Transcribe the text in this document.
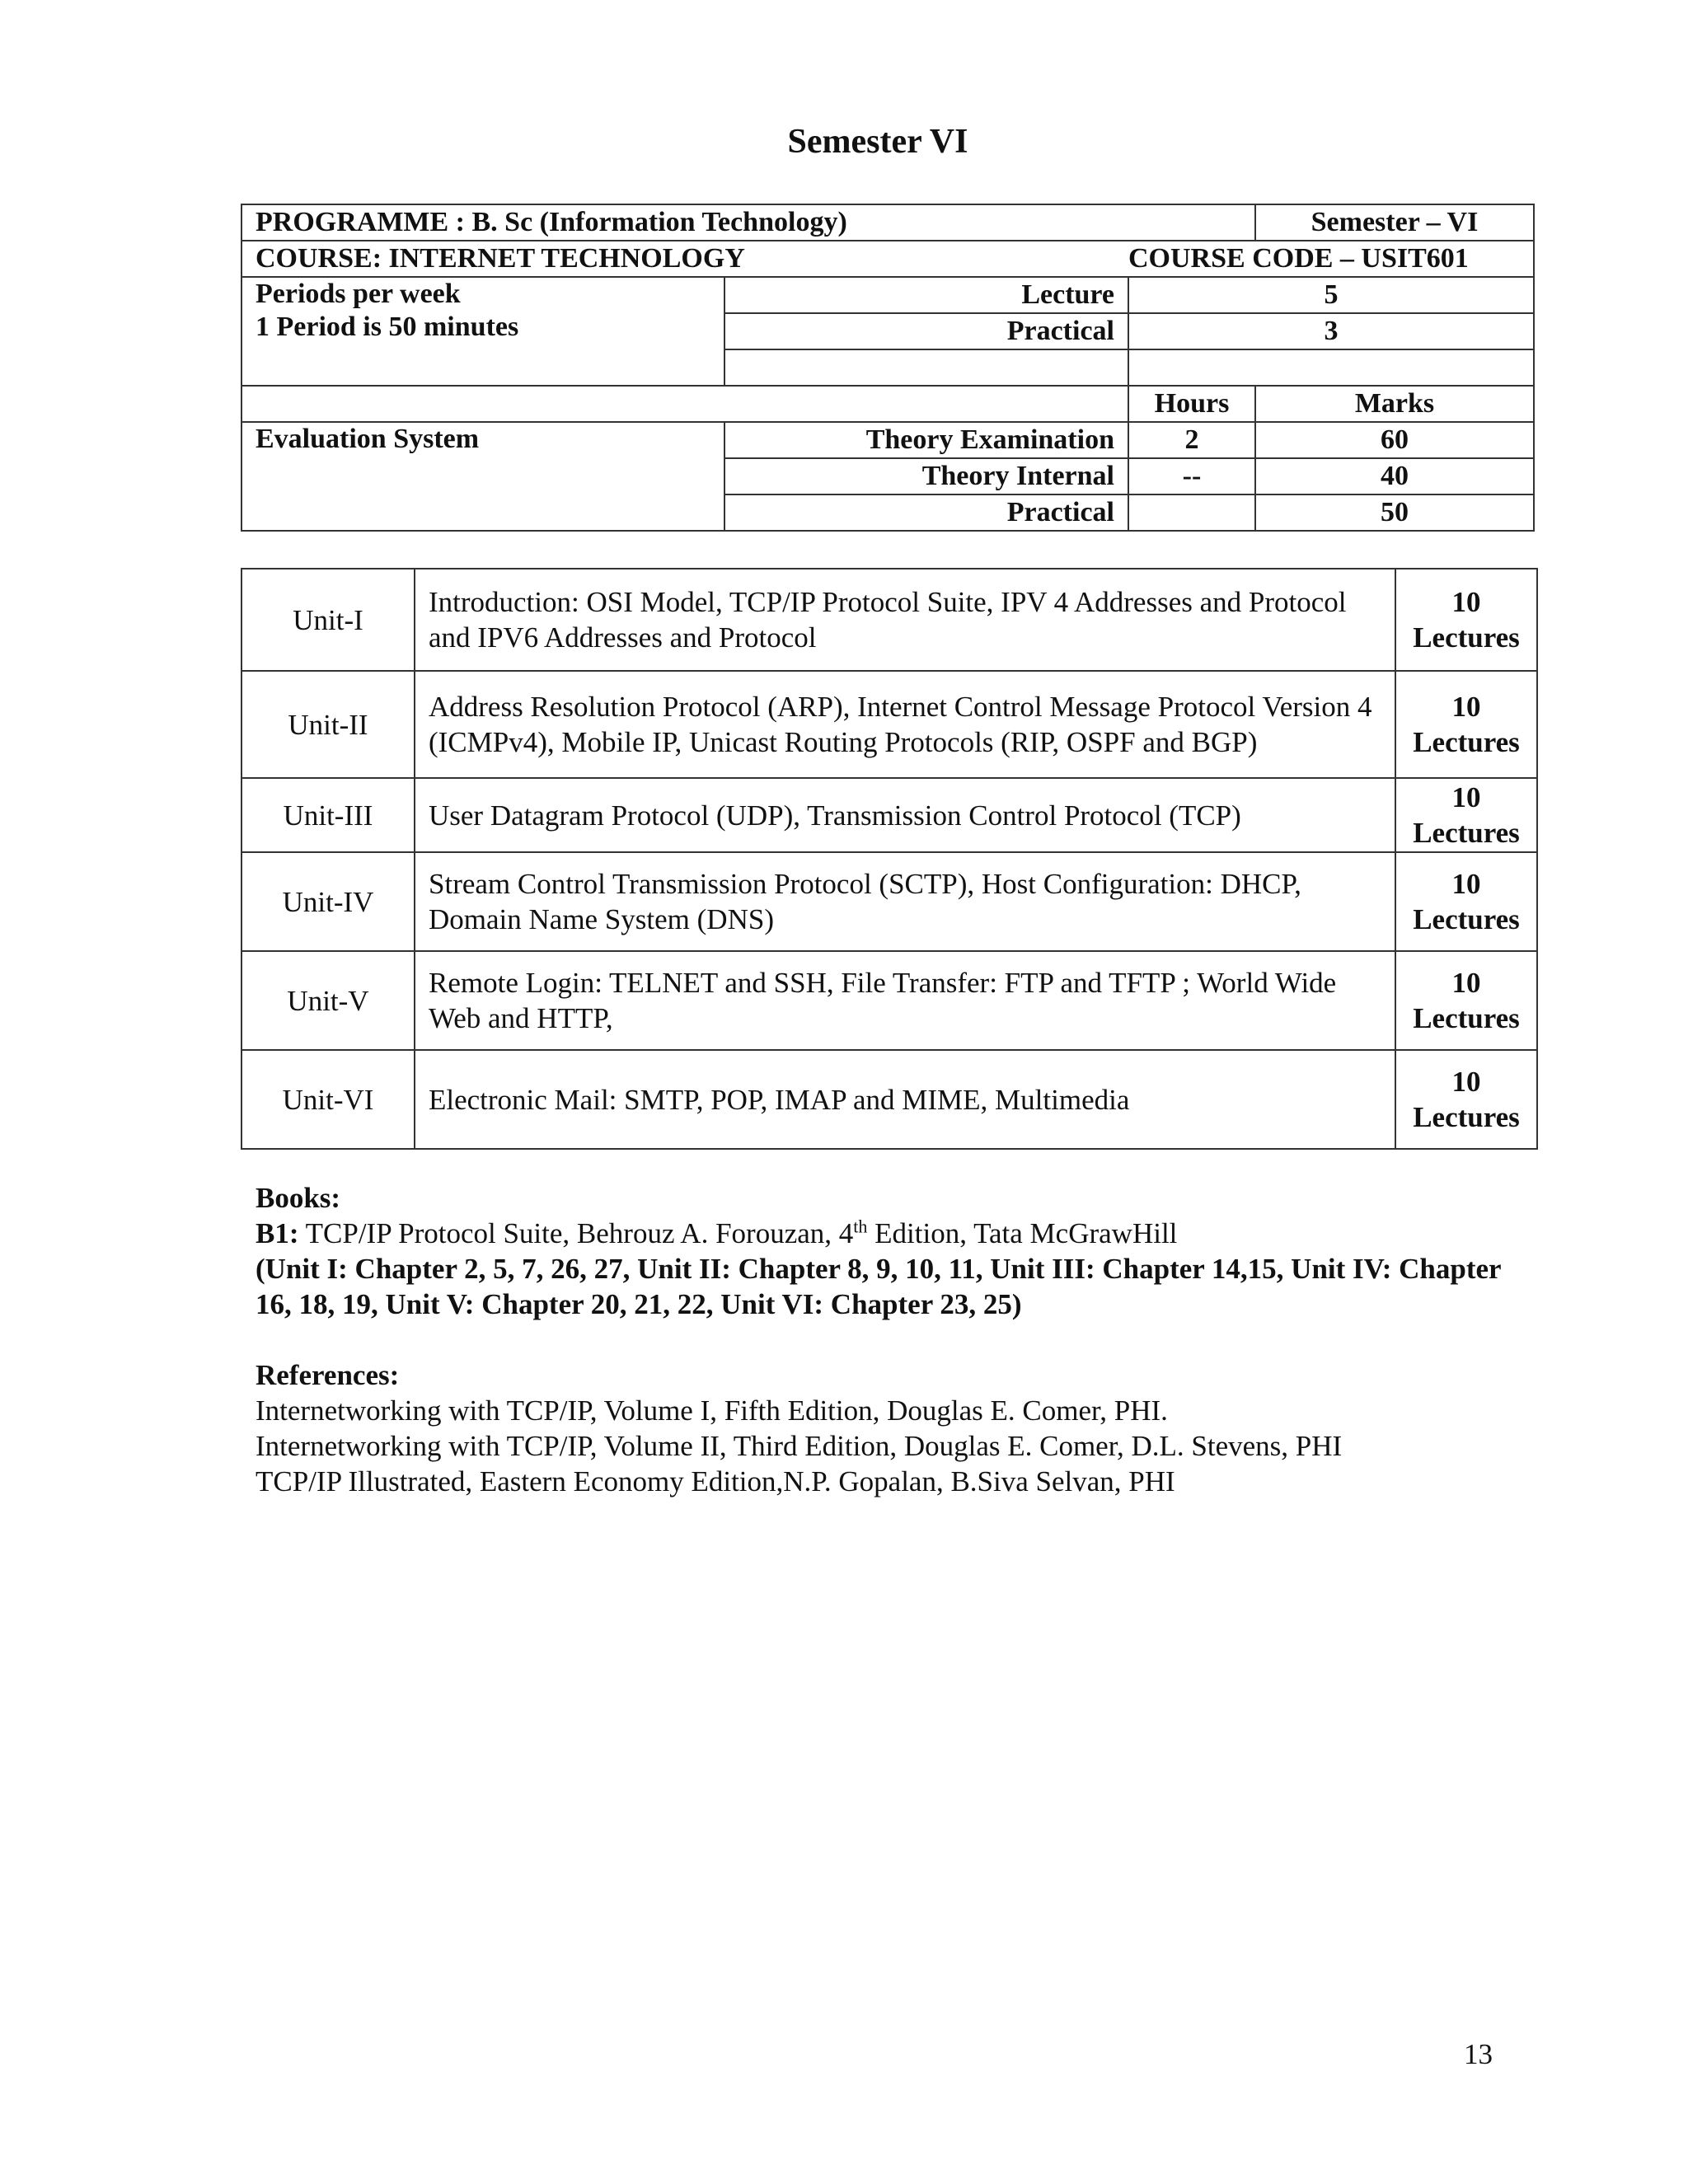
Semester VI
PROGRAMME : B. Sc (Information Technology)			Semester – VI
COURSE: INTERNET TECHNOLOGY		COURSE CODE – USIT601	

Periods per week
1 Period is 50 minutes	Lecture	5	
	Practical	3	

		Hours	Marks
Evaluation System	Theory Examination	2	60
	Theory Internal	--	40
	Practical		50
Unit-I	Introduction: OSI Model, TCP/IP Protocol Suite, IPV 4 Addresses and Protocol and IPV6 Addresses and Protocol	10
Lectures

Unit-II	Address Resolution Protocol (ARP), Internet Control Message Protocol Version 4 (ICMPv4), Mobile IP, Unicast Routing Protocols (RIP, OSPF and BGP)	10
Lectures

Unit-III	User Datagram Protocol (UDP), Transmission Control Protocol (TCP)	10
Lectures

Unit-IV	Stream Control Transmission Protocol (SCTP), Host Configuration: DHCP, Domain Name System (DNS)	10
Lectures

Unit-V	Remote Login: TELNET and SSH, File Transfer: FTP and TFTP ; World Wide Web and HTTP,	10
Lectures

Unit-VI	Electronic Mail: SMTP, POP, IMAP and MIME, Multimedia	10
Lectures

Books:

B1: TCP/IP Protocol Suite, Behrouz A. Forouzan, 4th Edition, Tata McGrawHill

(Unit I: Chapter 2, 5, 7, 26, 27, Unit II: Chapter 8, 9, 10, 11, Unit III: Chapter 14,15, Unit IV: Chapter 16, 18, 19, Unit V: Chapter 20, 21, 22, Unit VI: Chapter 23, 25)

References:

Internetworking with TCP/IP, Volume I, Fifth Edition, Douglas E. Comer, PHI.

Internetworking with TCP/IP, Volume II, Third Edition, Douglas E. Comer, D.L. Stevens, PHI

TCP/IP Illustrated, Eastern Economy Edition,N.P. Gopalan, B.Siva Selvan, PHI

13
